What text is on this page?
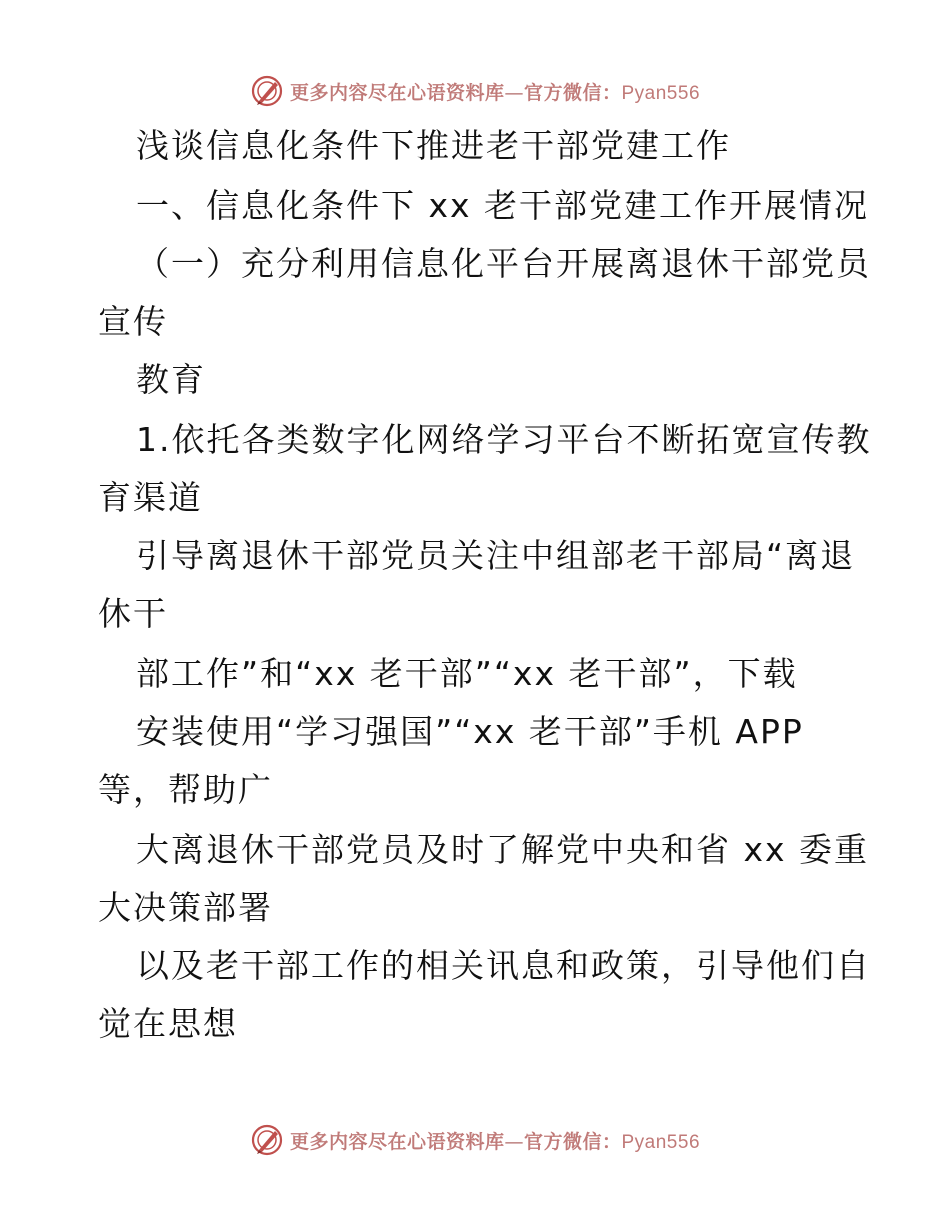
更多内容尽在心语资料库—官方微信：Pyan556
浅谈信息化条件下推进老干部党建工作
一、信息化条件下 xx 老干部党建工作开展情况
（一）充分利用信息化平台开展离退休干部党员
宣传
教育
1.依托各类数字化网络学习平台不断拓宽宣传教
育渠道
引导离退休干部党员关注中组部老干部局“离退
休干
部工作”和“xx 老干部”“xx 老干部”，下载
安装使用“学习强国”“xx 老干部”手机 APP
等，帮助广
大离退休干部党员及时了解党中央和省 xx 委重
大决策部署
以及老干部工作的相关讯息和政策，引导他们自
觉在思想
更多内容尽在心语资料库—官方微信：Pyan556
